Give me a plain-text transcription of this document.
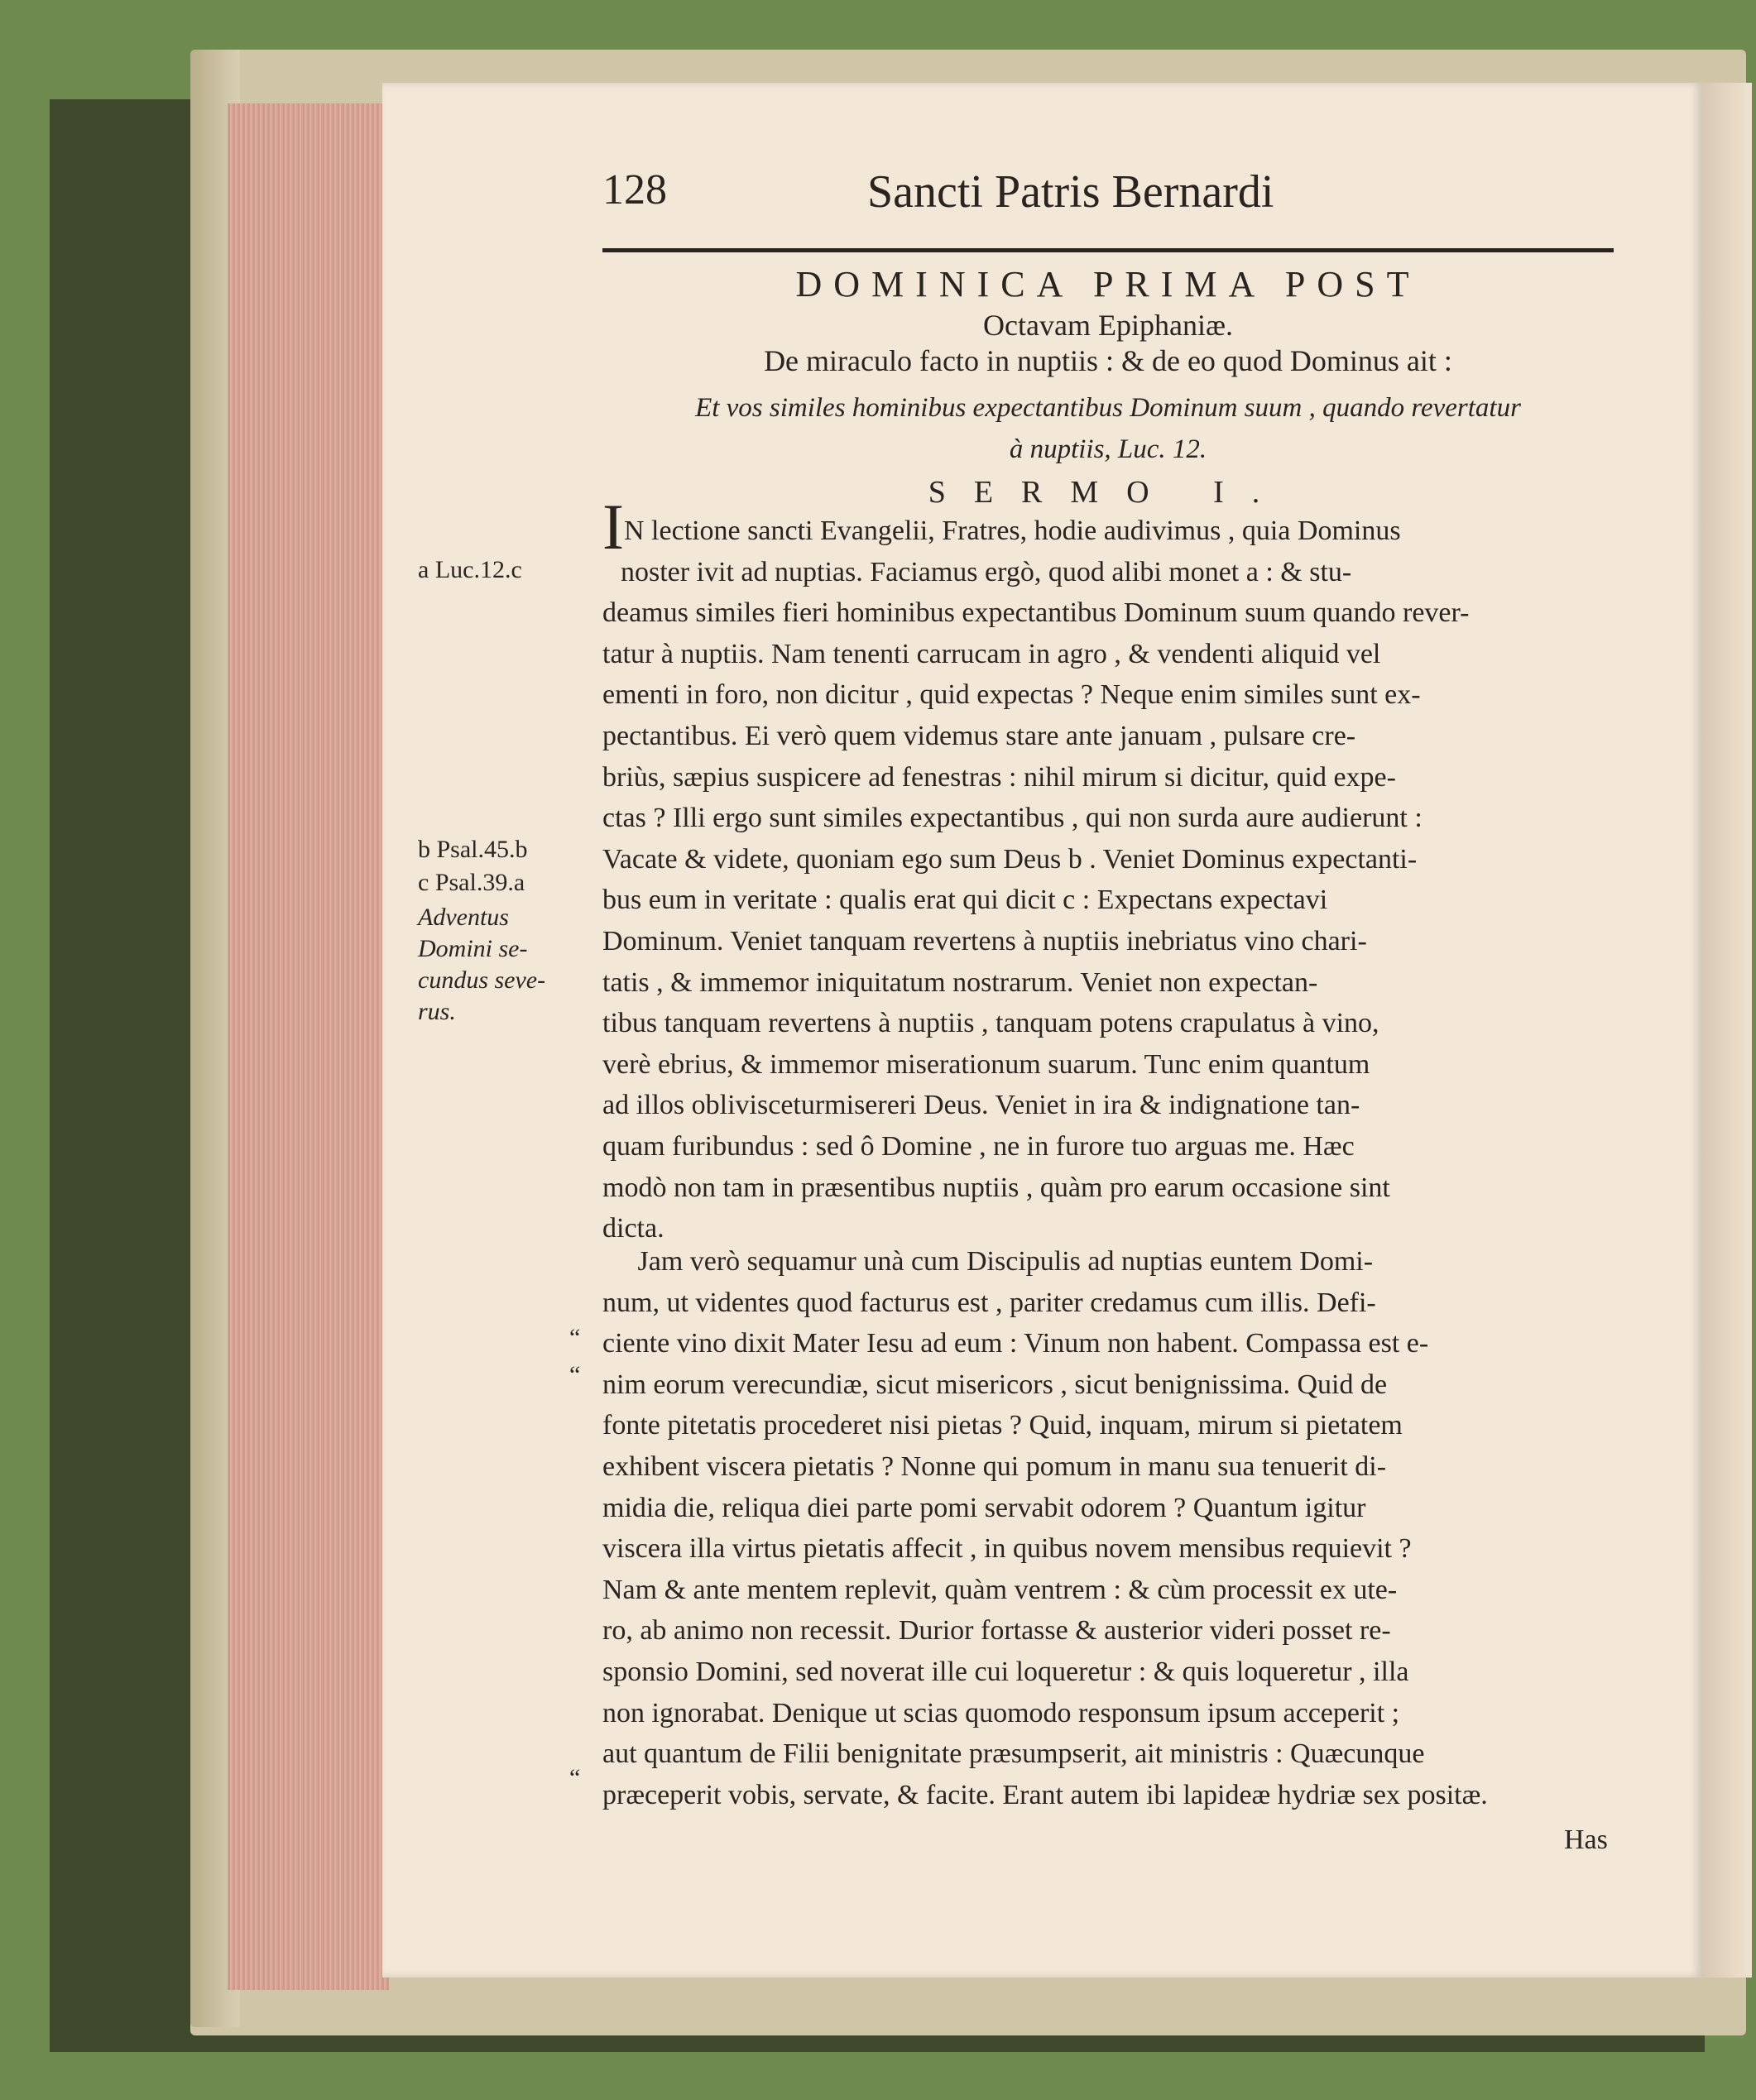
128	Sancti Patris Bernardi
DOMINICA PRIMA POST
Octavam Epiphaniæ.
De miraculo facto in nuptiis : & de eo quod Dominus ait :
Et vos similes hominibus expectantibus Dominum suum , quando revertatur
à nuptiis, Luc. 12.
SERMO I.
IN lectione sancti Evangelii, Fratres, hodie audivimus , quia Dominus
noster ivit ad nuptias. Faciamus ergò, quod alibi monet a : & stu-
deamus similes fieri hominibus expectantibus Dominum suum quando rever-
tatur à nuptiis. Nam tenenti carrucam in agro , & vendenti aliquid vel
ementi in foro, non dicitur , quid expectas ? Neque enim similes sunt ex-
pectantibus. Ei verò quem videmus stare ante januam , pulsare cre-
briùs, sæpius suspicere ad fenestras : nihil mirum si dicitur, quid expe-
ctas ? Illi ergo sunt similes expectantibus , qui non surda aure audierunt :
Vacate & videte, quoniam ego sum Deus b . Veniet Dominus expectanti-
bus eum in veritate : qualis erat qui dicit c : Expectans expectavi
Dominum. Veniet tanquam revertens à nuptiis inebriatus vino chari-
tatis , & immemor iniquitatum nostrarum. Veniet non expectan-
tibus tanquam revertens à nuptiis , tanquam potens crapulatus à vino,
verè ebrius, & immemor miserationum suarum. Tunc enim quantum
ad illos oblivisceturmisereri Deus. Veniet in ira & indignatione tan-
quam furibundus : sed ô Domine , ne in furore tuo arguas me. Hæc
modò non tam in præsentibus nuptiis , quàm pro earum occasione sint
dicta.
Jam verò sequamur unà cum Discipulis ad nuptias euntem Domi-
num, ut videntes quod facturus est , pariter credamus cum illis. Defi-
ciente vino dixit Mater Iesu ad eum : Vinum non habent. Compassa est e-
nim eorum verecundiæ, sicut misericors , sicut benignissima. Quid de
fonte pitetatis procederet nisi pietas ? Quid, inquam, mirum si pietatem
exhibent viscera pietatis ? Nonne qui pomum in manu sua tenuerit di-
midia die, reliqua diei parte pomi servabit odorem ? Quantum igitur
viscera illa virtus pietatis affecit , in quibus novem mensibus requievit ?
Nam & ante mentem replevit, quàm ventrem : & cùm processit ex ute-
ro, ab animo non recessit. Durior fortasse & austerior videri posset re-
sponsio Domini, sed noverat ille cui loqueretur : & quis loqueretur , illa
non ignorabat. Denique ut scias quomodo responsum ipsum acceperit ;
aut quantum de Filii benignitate præsumpserit, ait ministris : Quæcunque
præceperit vobis, servate, & facite. Erant autem ibi lapideæ hydriæ sex positæ.
Has
a Luc.12.c
b Psal.45.b
c Psal.39.a
Adventus
Domini se-
cundus seve-
rus.
“
“
“
